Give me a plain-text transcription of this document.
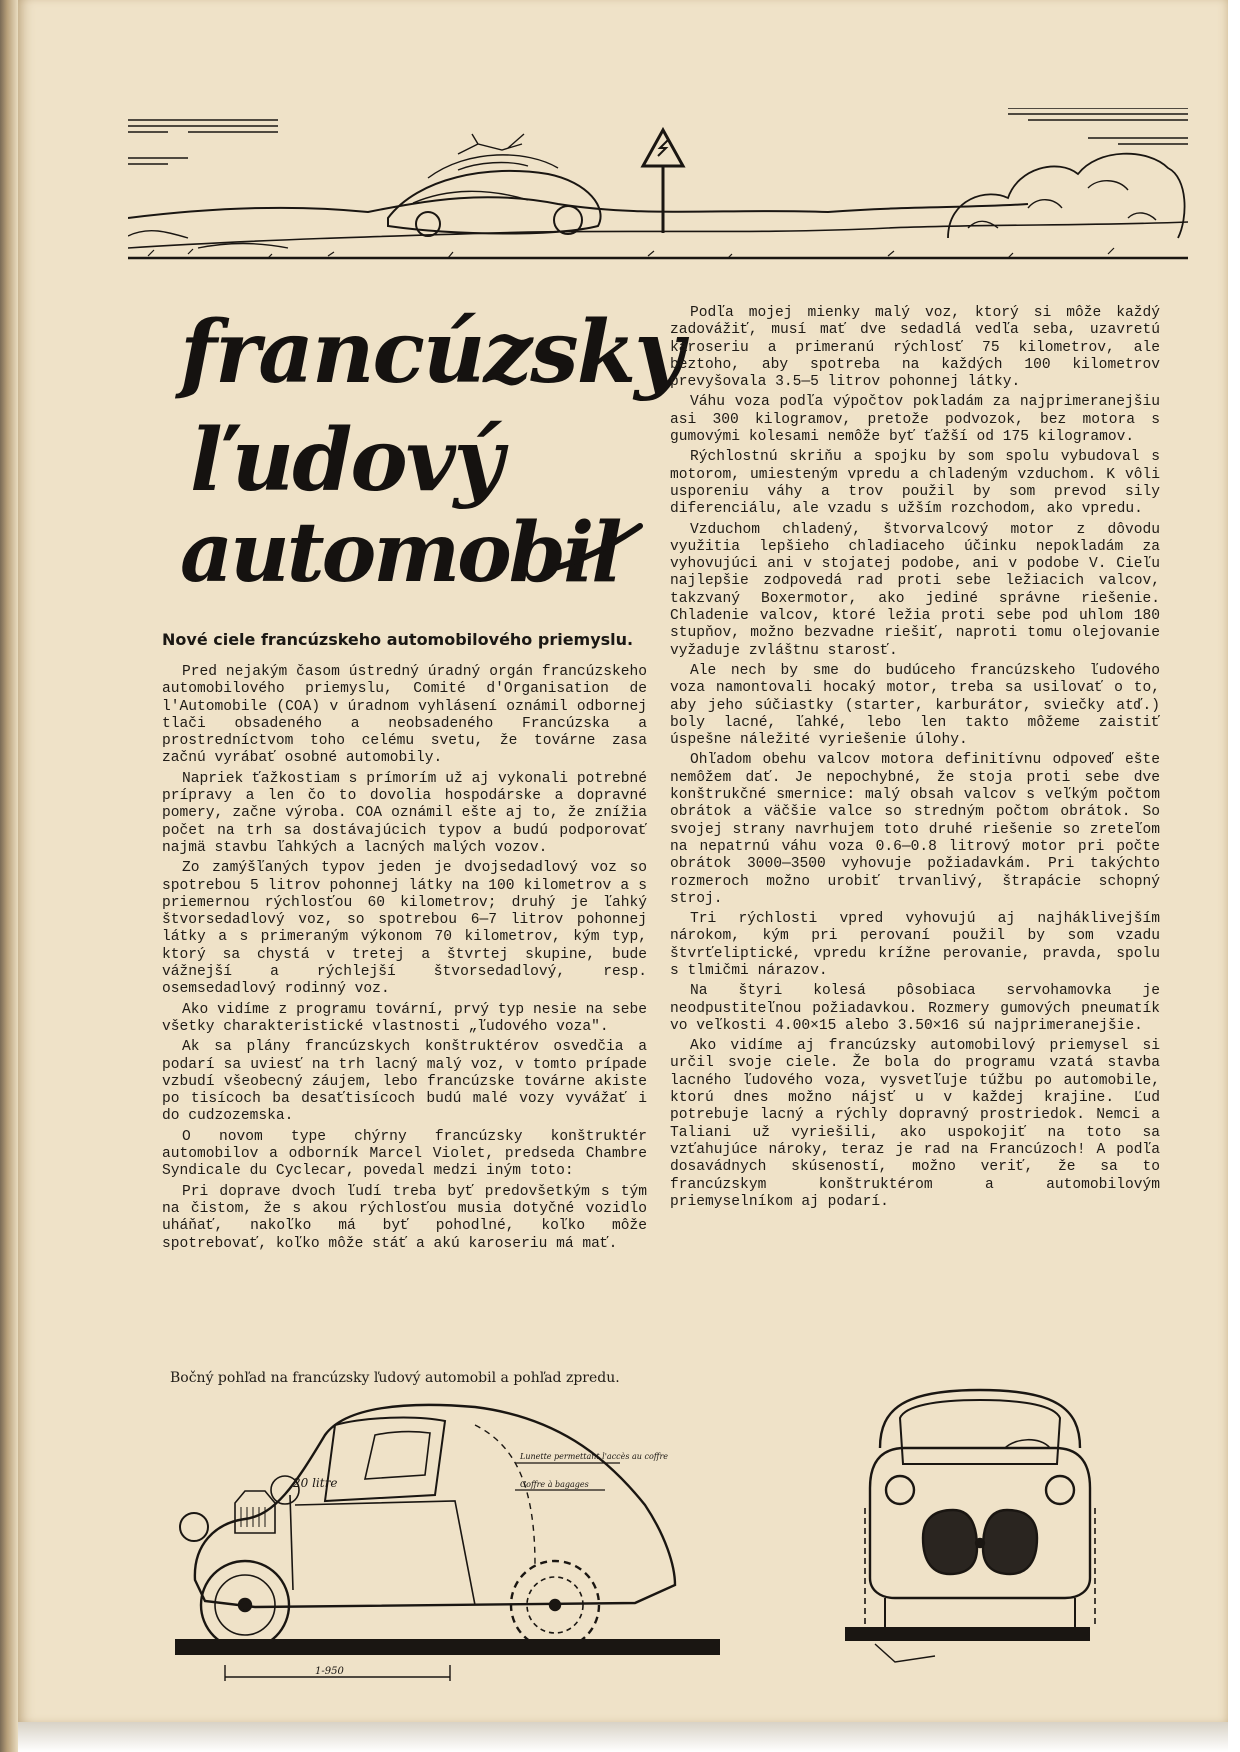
francúzsky
ľudový
automobil
Nové ciele francúzskeho automobilového priemyslu.

Pred nejakým časom ústredný úradný orgán francúzskeho automobilového priemyslu, Comité d'Organisation de l'Automobile (COA) v úradnom vyhlásení oznámil odbornej tlači obsadeného a neobsadeného Francúzska a prostredníctvom toho celému svetu, že továrne zasa začnú vyrábať osobné automobily.

Napriek ťažkostiam s prímorím už aj vykonali potrebné prípravy a len čo to dovolia hospodárske a dopravné pomery, začne výroba. COA oznámil ešte aj to, že znížia počet na trh sa dostávajúcich typov a budú podporovať najmä stavbu ľahkých a lacných malých vozov.

Zo zamýšľaných typov jeden je dvojsedadlový voz so spotrebou 5 litrov pohonnej látky na 100 kilometrov a s priemernou rýchlosťou 60 kilometrov; druhý je ľahký štvorsedadlový voz, so spotrebou 6—7 litrov pohonnej látky a s primeraným výkonom 70 kilometrov, kým typ, ktorý sa chystá v tretej a štvrtej skupine, bude vážnejší a rýchlejší štvorsedadlový, resp. osemsedadlový rodinný voz.

Ako vidíme z programu tovární, prvý typ nesie na sebe všetky charakteristické vlastnosti „ľudového voza".

Ak sa plány francúzskych konštruktérov osvedčia a podarí sa uviesť na trh lacný malý voz, v tomto prípade vzbudí všeobecný záujem, lebo francúzske továrne akiste po tisícoch ba desaťtisícoch budú malé vozy vyvážať i do cudzozemska.

O novom type chýrny francúzsky konštruktér automobilov a odborník Marcel Violet, predseda Chambre Syndicale du Cyclecar, povedal medzi iným toto:

Pri doprave dvoch ľudí treba byť predovšetkým s tým na čistom, že s akou rýchlosťou musia dotyčné vozidlo uháňať, nakoľko má byť pohodlné, koľko môže spotrebovať, koľko môže stáť a akú karoseriu má mať.

Podľa mojej mienky malý voz, ktorý si môže každý zadovážiť, musí mať dve sedadlá vedľa seba, uzavretú karoseriu a primeranú rýchlosť 75 kilometrov, ale beztoho, aby spotreba na každých 100 kilometrov prevyšovala 3.5—5 litrov pohonnej látky.

Váhu voza podľa výpočtov pokladám za najprimeranejšiu asi 300 kilogramov, pretože podvozok, bez motora s gumovými kolesami nemôže byť ťažší od 175 kilogramov.

Rýchlostnú skriňu a spojku by som spolu vybudoval s motorom, umiesteným vpredu a chladeným vzduchom. K vôli usporeniu váhy a trov použil by som prevod sily diferenciálu, ale vzadu s užším rozchodom, ako vpredu.

Vzduchom chladený, štvorvalcový motor z dôvodu využitia lepšieho chladiaceho účinku nepokladám za vyhovujúci ani v stojatej podobe, ani v podobe V. Cieľu najlepšie zodpovedá rad proti sebe ležiacich valcov, takzvaný Boxermotor, ako jediné správne riešenie. Chladenie valcov, ktoré ležia proti sebe pod uhlom 180 stupňov, možno bezvadne riešiť, naproti tomu olejovanie vyžaduje zvláštnu starosť.

Ale nech by sme do budúceho francúzskeho ľudového voza namontovali hocaký motor, treba sa usilovať o to, aby jeho súčiastky (starter, karburátor, sviečky atď.) boly lacné, ľahké, lebo len takto môžeme zaistiť úspešne náležité vyriešenie úlohy.

Ohľadom obehu valcov motora definitívnu odpoveď ešte nemôžem dať. Je nepochybné, že stoja proti sebe dve konštrukčné smernice: malý obsah valcov s veľkým počtom obrátok a väčšie valce so stredným počtom obrátok. So svojej strany navrhujem toto druhé riešenie so zreteľom na nepatrnú váhu voza 0.6—0.8 litrový motor pri počte obrátok 3000—3500 vyhovuje požiadavkám. Pri takýchto rozmeroch možno urobiť trvanlivý, štrapácie schopný stroj.

Tri rýchlosti vpred vyhovujú aj najháklivejším nárokom, kým pri perovaní použil by som vzadu štvrťeliptické, vpredu krížne perovanie, pravda, spolu s tlmičmi nárazov.

Na štyri kolesá pôsobiaca servohamovka je neodpustiteľnou požiadavkou. Rozmery gumových pneumatík vo veľkosti 4.00×15 alebo 3.50×16 sú najprimeranejšie.

Ako vidíme aj francúzsky automobilový priemysel si určil svoje ciele. Že bola do programu vzatá stavba lacného ľudového voza, vysvetľuje túžbu po automobile, ktorú dnes možno nájsť u v každej krajine. Ľud potrebuje lacný a rýchly dopravný prostriedok. Nemci a Taliani už vyriešili, ako uspokojiť na toto sa vzťahujúce nároky, teraz je rad na Francúzoch! A podľa dosavádnych skúseností, možno veriť, že sa to francúzskym konštruktérom a automobilovým priemyselníkom aj podarí.

Bočný pohľad na francúzsky ľudový automobil a pohľad zpredu.
20 litre
Lunette permettant l'accès au coffre
Coffre à bagages
1-950
